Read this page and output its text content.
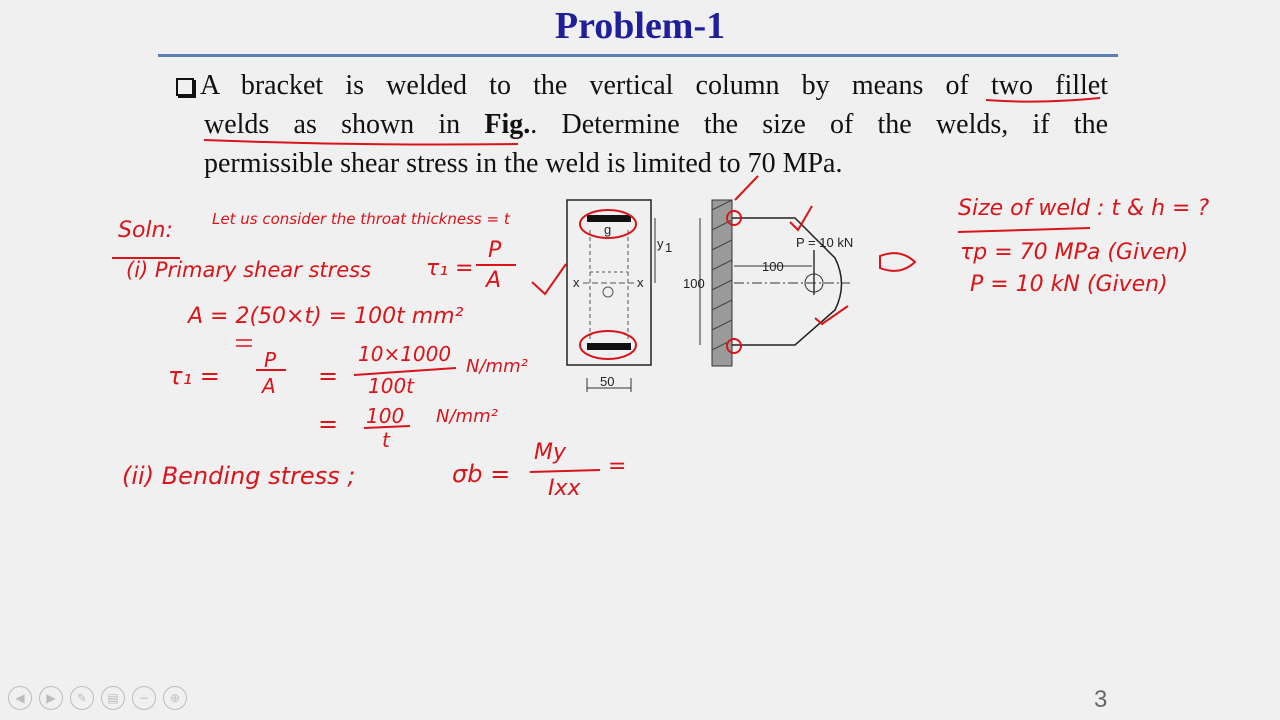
Problem-1
A bracket is welded to the vertical column by means of two fillet
welds as shown in Fig.. Determine the size of the welds, if the
permissible shear stress in the weld is limited to 70 MPa.
g
y 1
x	x
50
100
100
P = 10 kN
Soln:	Let us consider the throat thickness = t
(i) Primary shear stress τ₁ =
P
A
A = 2(50×t) = 100t mm²
τ₁ =
P
A =
10×1000
100t
N/mm²
= 100
t
N/mm²
(ii) Bending stress ;	σb =
My
Ixx
=
Size of weld : t & h = ?
τp = 70 MPa (Given)
P = 10 kN (Given)
◀	▶	✎	▤	−	⊕	3
